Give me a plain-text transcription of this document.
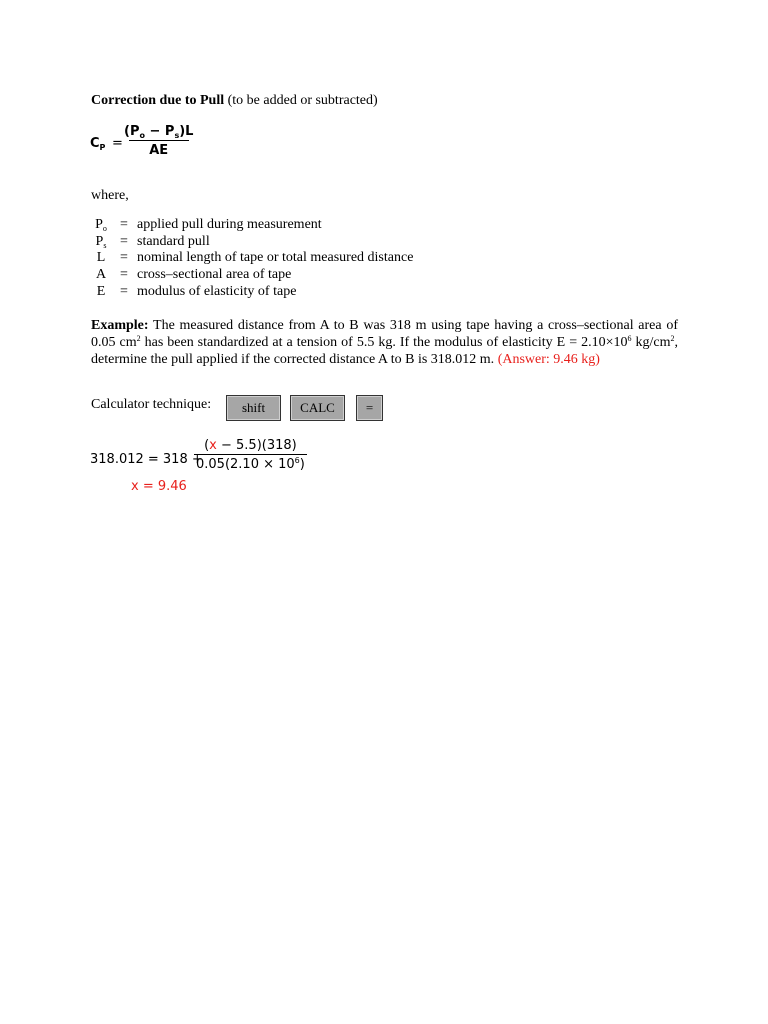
Correction due to Pull (to be added or subtracted)
$C_P = \frac{(P_o - P_s)L}{AE}$
where,
$P_o$ = applied pull during measurement
$P_s$ = standard pull
L	= nominal length of tape or total measured distance
A = cross–sectional area of tape
E	= modulus of elasticity of tape
Example: The measured distance from A to B was 318 m using tape having a cross–sectional area of 0.05 $cm^2$ has been standardized at a tension of 5.5 kg. If the modulus of elasticity $E = 2.10\times 10^6$ $kg/cm^2$, determine the pull applied if the corrected distance A to B is 318.012 m. (Answer: 9.46 kg)
Calculator technique:	shift	CALC	=
318.012 = 318 +
$\frac{(x - 5.5)(318)}{0.05(2.10 \times 10^6)}$
x = 9.46
